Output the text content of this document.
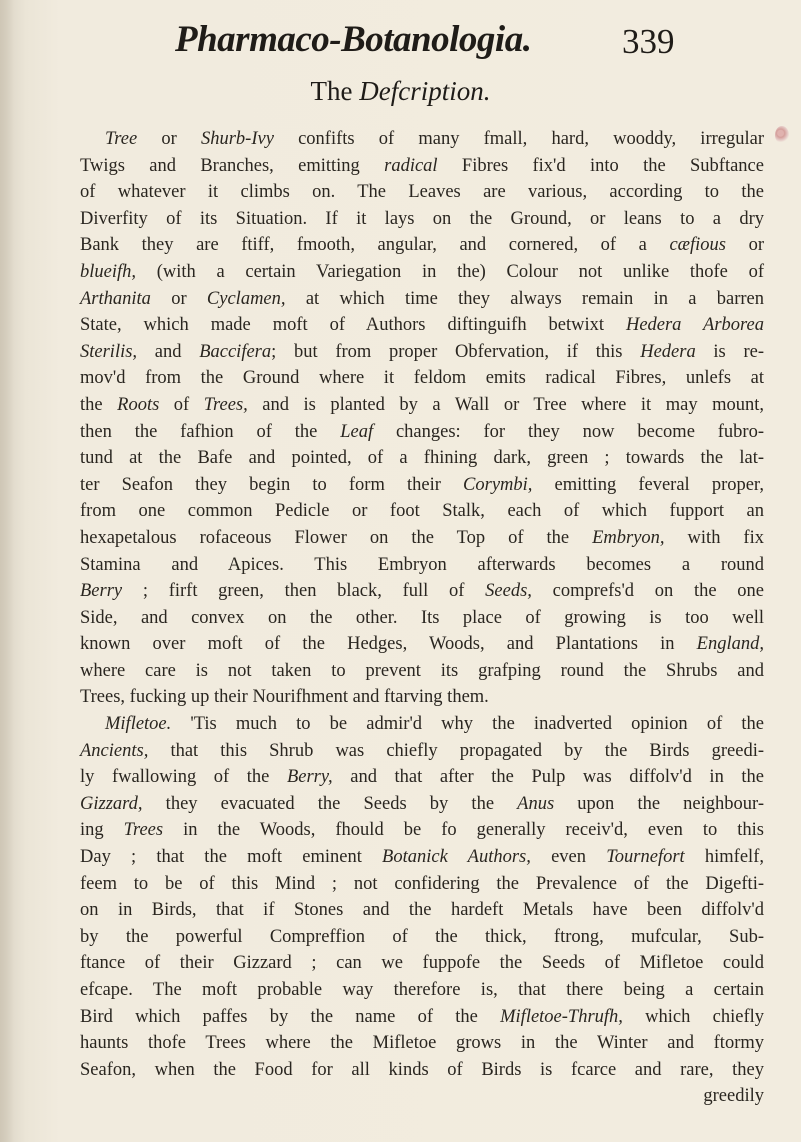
Pharmaco-Botanologia.	339
The Defcription.
Tree or Shurb-Ivy confifts of many fmall, hard, wooddy, irregular
Twigs and Branches, emitting radical Fibres fix'd into the Subftance
of whatever it climbs on. The Leaves are various, according to the
Diverfity of its Situation. If it lays on the Ground, or leans to a dry
Bank they are ftiff, fmooth, angular, and cornered, of a cæfious or
blueifh, (with a certain Variegation in the) Colour not unlike thofe of
Arthanita or Cyclamen, at which time they always remain in a barren
State, which made moft of Authors diftinguifh betwixt Hedera Arborea
Sterilis, and Baccifera; but from proper Obfervation, if this Hedera is re-
mov'd from the Ground where it feldom emits radical Fibres, unlefs at
the Roots of Trees, and is planted by a Wall or Tree where it may mount,
then the fafhion of the Leaf changes: for they now become fubro-
tund at the Bafe and pointed, of a fhining dark, green ; towards the lat-
ter Seafon they begin to form their Corymbi, emitting feveral proper,
from one common Pedicle or foot Stalk, each of which fupport an
hexapetalous rofaceous Flower on the Top of the Embryon, with fix
Stamina and Apices. This Embryon afterwards becomes a round
Berry ; firft green, then black, full of Seeds, comprefs'd on the one
Side, and convex on the other. Its place of growing is too well
known over moft of the Hedges, Woods, and Plantations in England,
where care is not taken to prevent its grafping round the Shrubs and
Trees, fucking up their Nourifhment and ftarving them.
Mifletoe. 'Tis much to be admir'd why the inadverted opinion of the
Ancients, that this Shrub was chiefly propagated by the Birds greedi-
ly fwallowing of the Berry, and that after the Pulp was diffolv'd in the
Gizzard, they evacuated the Seeds by the Anus upon the neighbour-
ing Trees in the Woods, fhould be fo generally receiv'd, even to this
Day ; that the moft eminent Botanick Authors, even Tournefort himfelf,
feem to be of this Mind ; not confidering the Prevalence of the Digefti-
on in Birds, that if Stones and the hardeft Metals have been diffolv'd
by the powerful Compreffion of the thick, ftrong, mufcular, Sub-
ftance of their Gizzard ; can we fuppofe the Seeds of Mifletoe could
efcape. The moft probable way therefore is, that there being a certain
Bird which paffes by the name of the Mifletoe-Thrufh, which chiefly
haunts thofe Trees where the Mifletoe grows in the Winter and ftormy
Seafon, when the Food for all kinds of Birds is fcarce and rare, they
greedily
